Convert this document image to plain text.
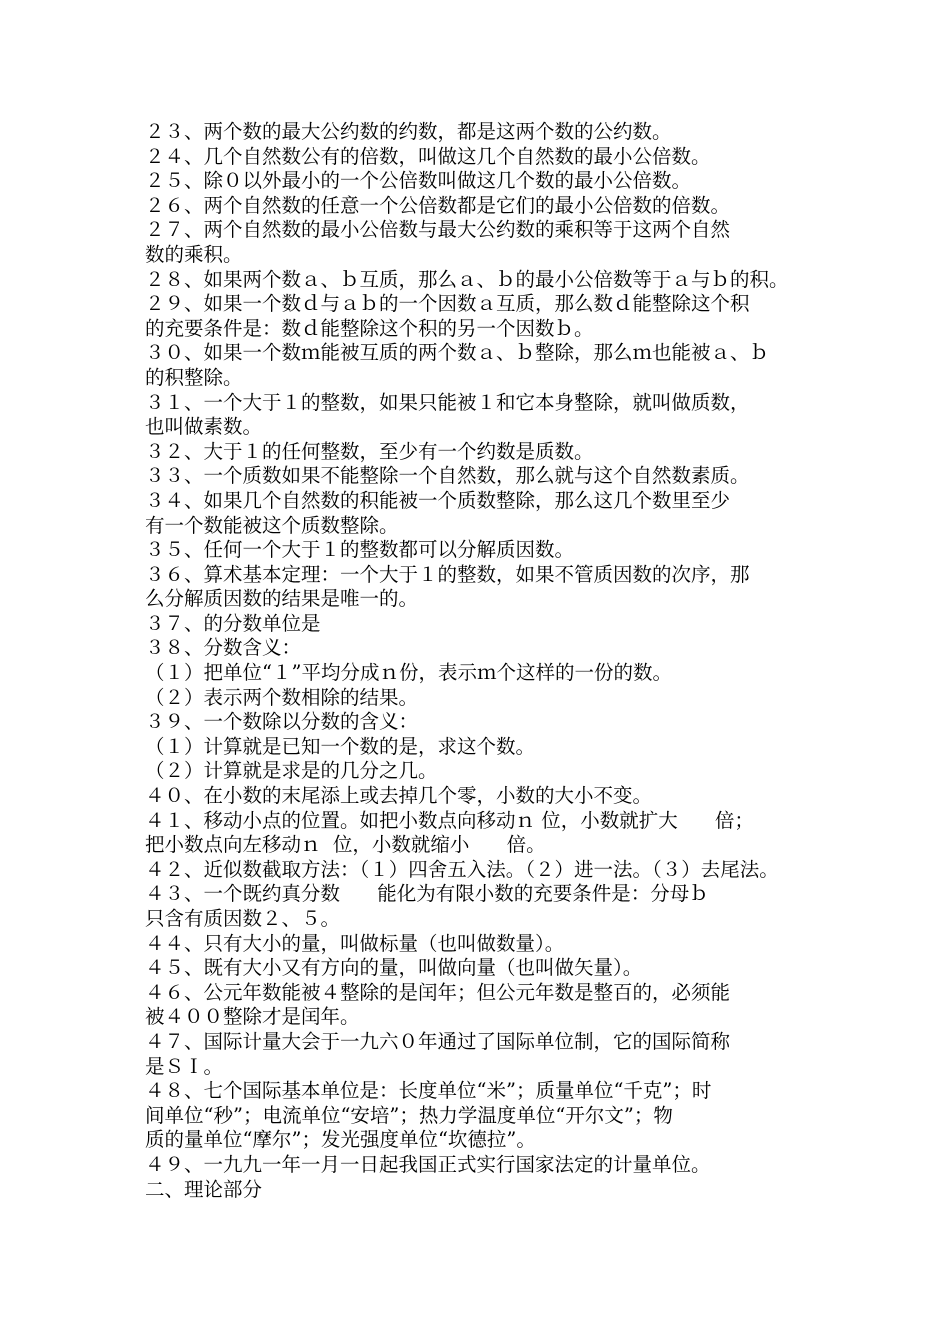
２３、两个数的最大公约数的约数，都是这两个数的公约数。
２４、几个自然数公有的倍数，叫做这几个自然数的最小公倍数。
２５、除０以外最小的一个公倍数叫做这几个数的最小公倍数。
２６、两个自然数的任意一个公倍数都是它们的最小公倍数的倍数。
２７、两个自然数的最小公倍数与最大公约数的乘积等于这两个自然
数的乘积。
２８、如果两个数ａ、ｂ互质，那么ａ、ｂ的最小公倍数等于ａ与ｂ的积。
２９、如果一个数ｄ与ａｂ的一个因数ａ互质，那么数ｄ能整除这个积
的充要条件是：数ｄ能整除这个积的另一个因数ｂ。
３０、如果一个数ｍ能被互质的两个数ａ、ｂ整除，那么ｍ也能被ａ、ｂ
的积整除。
３１、一个大于１的整数，如果只能被１和它本身整除，就叫做质数，
也叫做素数。
３２、大于１的任何整数，至少有一个约数是质数。
３３、一个质数如果不能整除一个自然数，那么就与这个自然数素质。
３４、如果几个自然数的积能被一个质数整除，那么这几个数里至少
有一个数能被这个质数整除。
３５、任何一个大于１的整数都可以分解质因数。
３６、算术基本定理：一个大于１的整数，如果不管质因数的次序，那
么分解质因数的结果是唯一的。
３７、的分数单位是
３８、分数含义：
（１）把单位“１”平均分成ｎ份，表示ｍ个这样的一份的数。
（２）表示两个数相除的结果。
３９、一个数除以分数的含义：
（１）计算就是已知一个数的是，求这个数。
（２）计算就是求是的几分之几。
４０、在小数的末尾添上或去掉几个零，小数的大小不变。
４１、移动小点的位置。如把小数点向移动ｎ 位，小数就扩大      倍；
把小数点向左移动ｎ  位，小数就缩小      倍。
４２、近似数截取方法：（１）四舍五入法。（２）进一法。（３）去尾法。
４３、一个既约真分数      能化为有限小数的充要条件是：分母ｂ
只含有质因数２、５。
４４、只有大小的量，叫做标量（也叫做数量）。
４５、既有大小又有方向的量，叫做向量（也叫做矢量）。
４６、公元年数能被４整除的是闰年；但公元年数是整百的，必须能
被４００整除才是闰年。
４７、国际计量大会于一九六０年通过了国际单位制，它的国际简称
是ＳＩ。
４８、七个国际基本单位是：长度单位“米”；质量单位“千克”；时
间单位“秒”；电流单位“安培”；热力学温度单位“开尔文”；物
质的量单位“摩尔”；发光强度单位“坎德拉”。
４９、一九九一年一月一日起我国正式实行国家法定的计量单位。
二、理论部分
